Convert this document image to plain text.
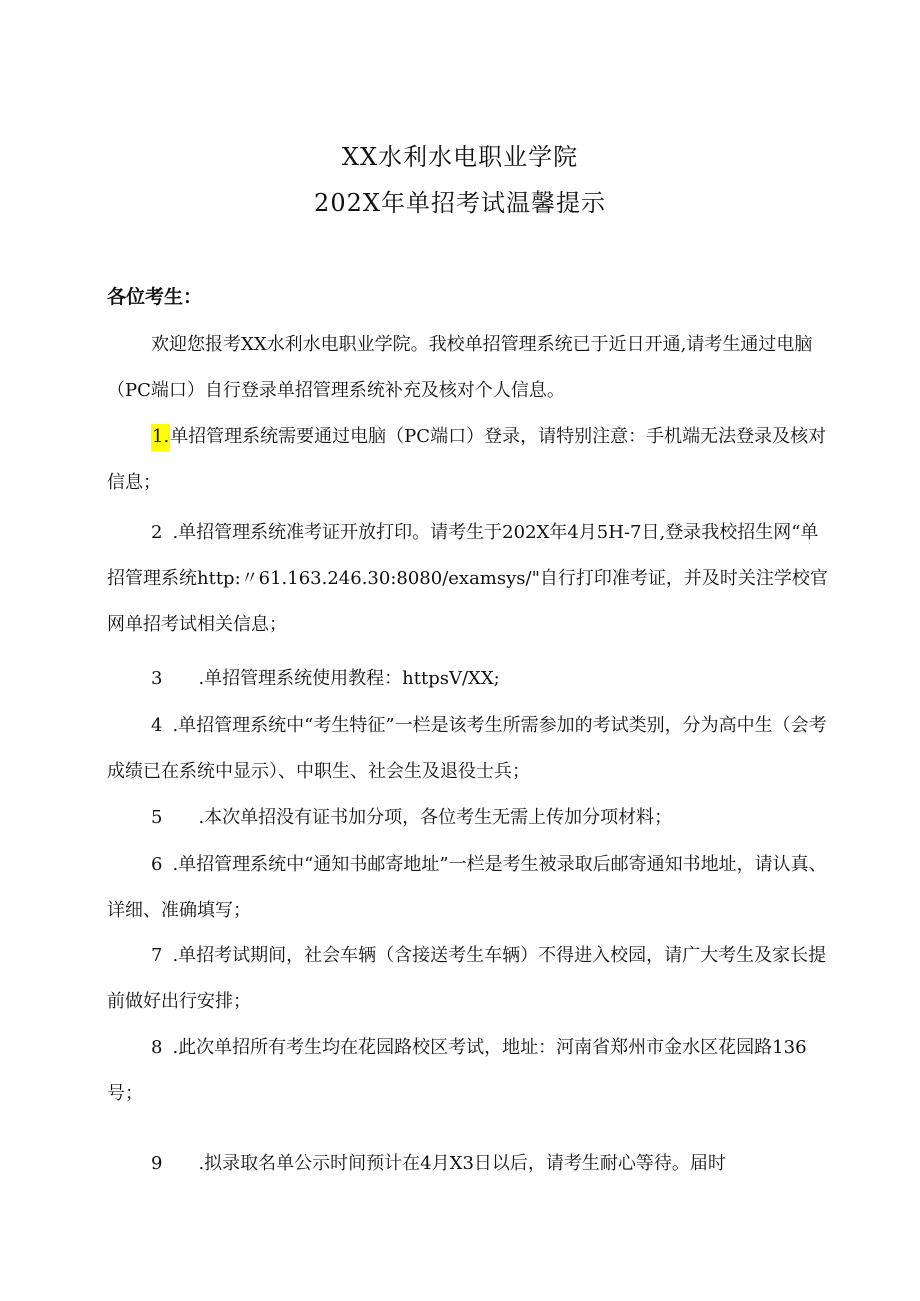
XX水利水电职业学院
202X年单招考试温馨提示
各位考生：
欢迎您报考XX水利水电职业学院。我校单招管理系统已于近日开通,请考生通过电脑（PC端口）自行登录单招管理系统补充及核对个人信息。
1.单招管理系统需要通过电脑（PC端口）登录，请特别注意：手机端无法登录及核对信息；
2 .单招管理系统准考证开放打印。请考生于202X年4月5H-7日,登录我校招生网“单招管理系统http:〃61.163.246.30:8080/examsys/"自行打印准考证，并及时关注学校官网单招考试相关信息；
3 .单招管理系统使用教程：httpsV∕XX;
4 .单招管理系统中“考生特征”一栏是该考生所需参加的考试类别，分为高中生（会考成绩已在系统中显示）、中职生、社会生及退役士兵；
5 .本次单招没有证书加分项，各位考生无需上传加分项材料；
6 .单招管理系统中“通知书邮寄地址”一栏是考生被录取后邮寄通知书地址，请认真、详细、准确填写；
7 .单招考试期间，社会车辆（含接送考生车辆）不得进入校园，请广大考生及家长提前做好出行安排；
8 .此次单招所有考生均在花园路校区考试，地址：河南省郑州市金水区花园路136号；
9 .拟录取名单公示时间预计在4月X3日以后，请考生耐心等待。届时
